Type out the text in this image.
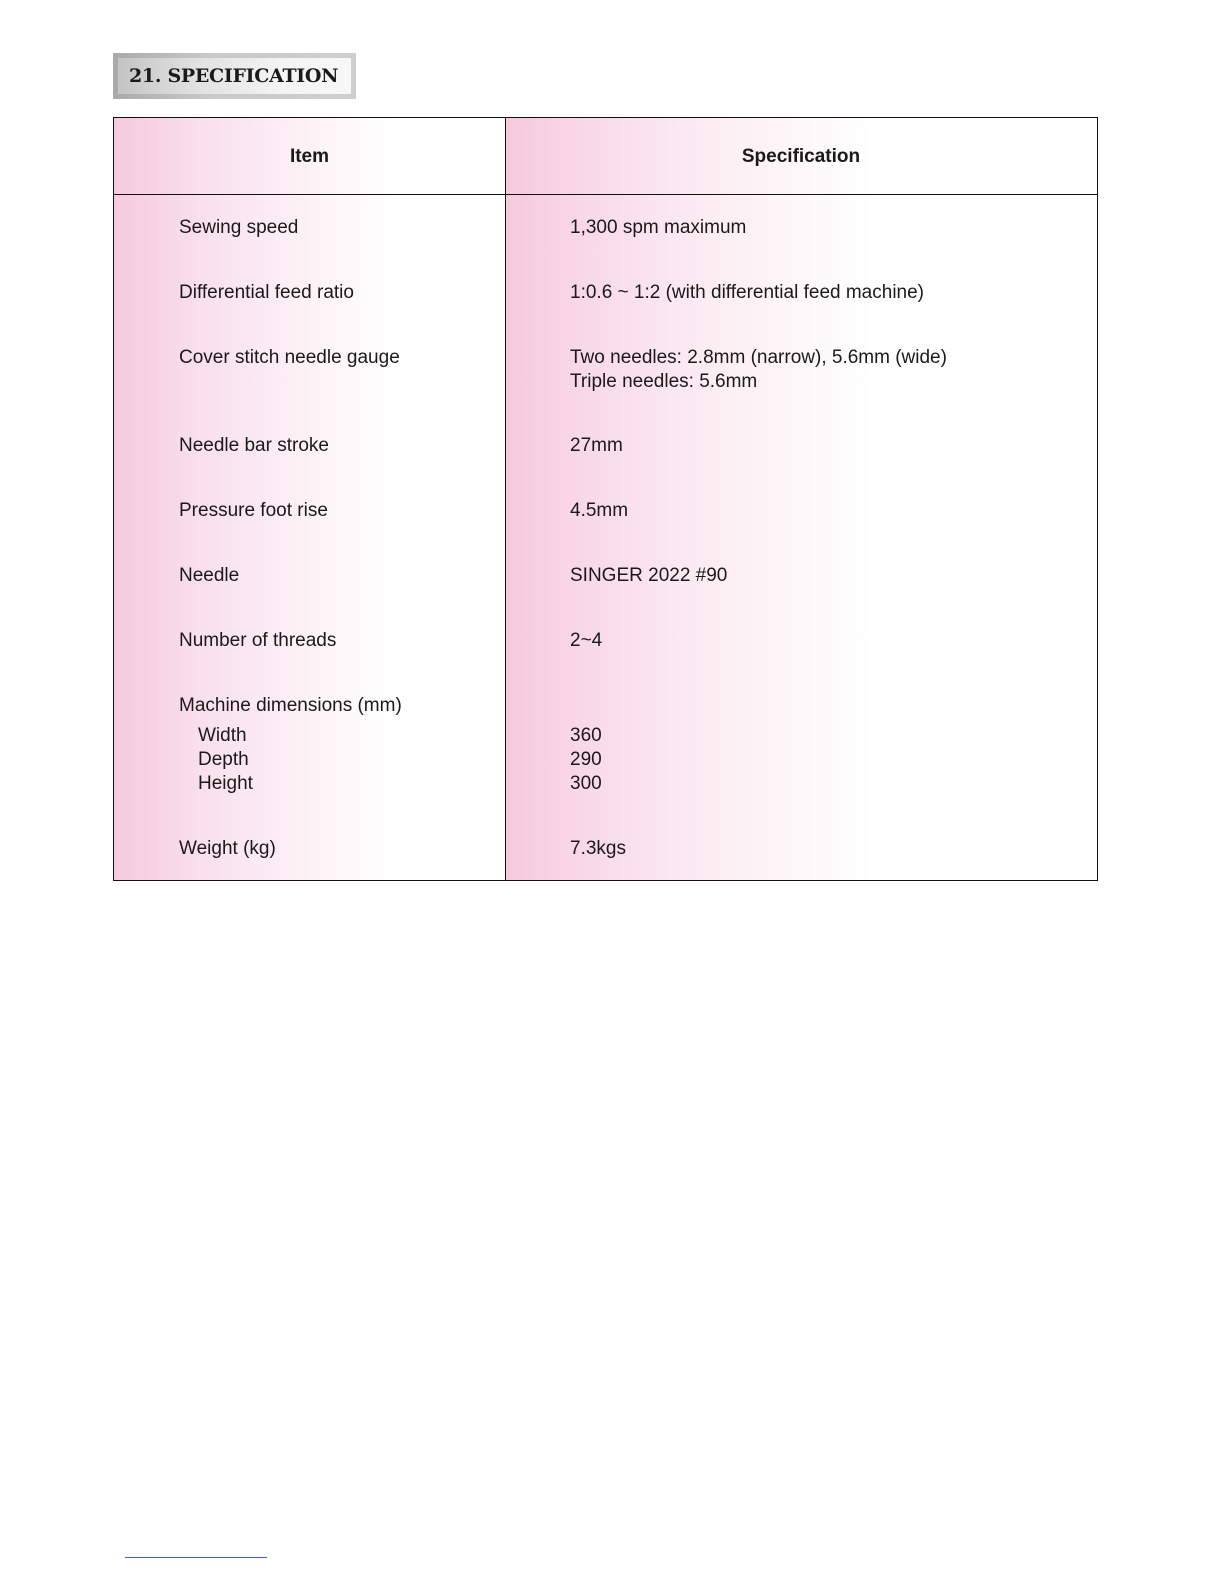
21. SPECIFICATION
Item	Specification
Sewing speed	1,300 spm maximum
Differential feed ratio	1:0.6 ~ 1:2 (with differential feed machine)
Cover stitch needle gauge	Two needles: 2.8mm (narrow), 5.6mm (wide)
Triple needles: 5.6mm
Needle bar stroke	27mm
Pressure foot rise	4.5mm
Needle	SINGER 2022 #90
Number of threads	2~4
Machine dimensions (mm)
Width	360
Depth	290
Height	300
Weight (kg)	7.3kgs
